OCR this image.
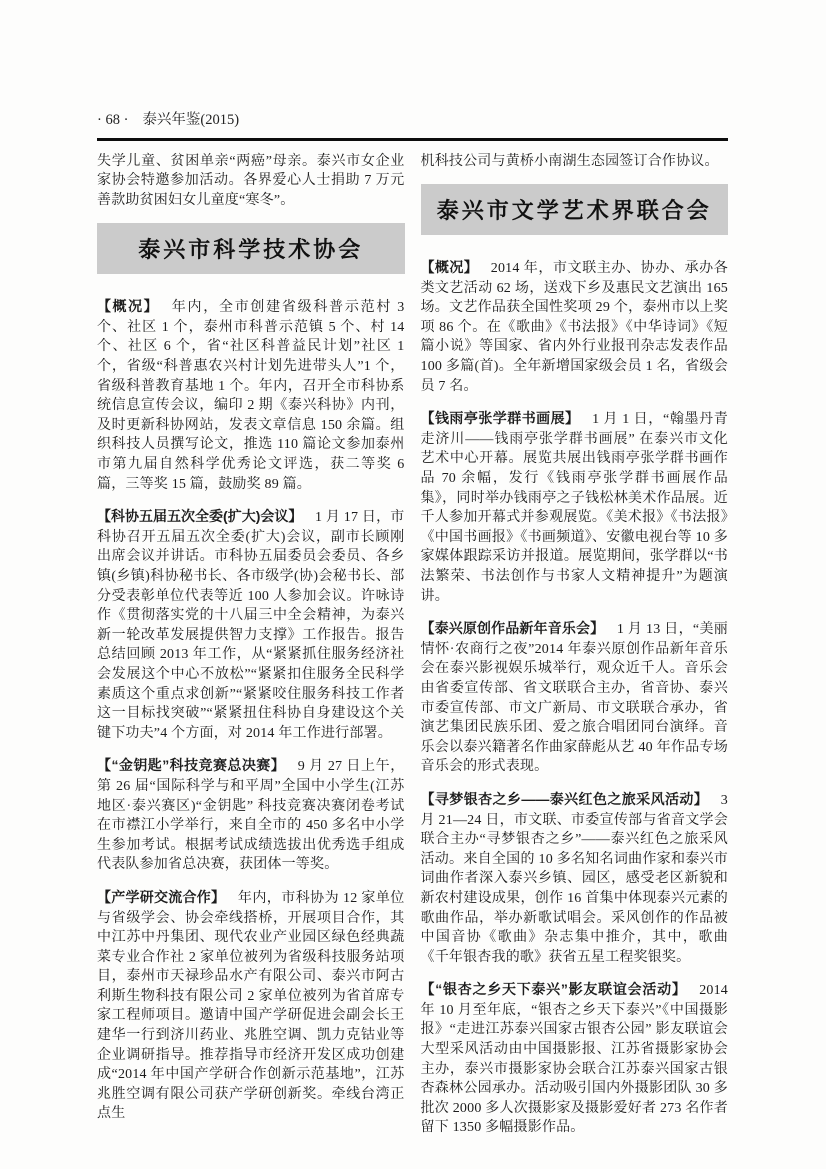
· 68 · 泰兴年鉴(2015)

失学儿童、贫困单亲“两癌”母亲。泰兴市女企业家协会特邀参加活动。各界爱心人士捐助 7 万元善款助贫困妇女儿童度“寒冬”。

泰兴市科学技术协会

【概况】 年内，全市创建省级科普示范村 3 个、社区 1 个，泰州市科普示范镇 5 个、村 14 个、社区 6 个，省“社区科普益民计划”社区 1 个，省级“科普惠农兴村计划先进带头人”1 个，省级科普教育基地 1 个。年内，召开全市科协系统信息宣传会议，编印 2 期《泰兴科协》内刊，及时更新科协网站，发表文章信息 150 余篇。组织科技人员撰写论文，推选 110 篇论文参加泰州市第九届自然科学优秀论文评选，获二等奖 6 篇，三等奖 15 篇，鼓励奖 89 篇。

【科协五届五次全委(扩大)会议】 1 月 17 日，市科协召开五届五次全委(扩大)会议，副市长顾刚出席会议并讲话。市科协五届委员会委员、各乡镇(乡镇)科协秘书长、各市级学(协)会秘书长、部分受表彰单位代表等近 100 人参加会议。许咏诗作《贯彻落实党的十八届三中全会精神，为泰兴新一轮改革发展提供智力支撑》工作报告。报告总结回顾 2013 年工作，从“紧紧抓住服务经济社会发展这个中心不放松”“紧紧扣住服务全民科学素质这个重点求创新”“紧紧咬住服务科技工作者这一目标找突破”“紧紧扭住科协自身建设这个关键下功夫”4 个方面，对 2014 年工作进行部署。

【“金钥匙”科技竞赛总决赛】 9 月 27 日上午，第 26 届“国际科学与和平周”全国中小学生(江苏地区·泰兴赛区)“金钥匙” 科技竞赛决赛闭卷考试在市襟江小学举行，来自全市的 450 多名中小学生参加考试。根据考试成绩选拔出优秀选手组成代表队参加省总决赛，获团体一等奖。

【产学研交流合作】 年内，市科协为 12 家单位与省级学会、协会牵线搭桥，开展项目合作，其中江苏中丹集团、现代农业产业园区绿色经典蔬菜专业合作社 2 家单位被列为省级科技服务站项目，泰州市天禄珍品水产有限公司、泰兴市阿古利斯生物科技有限公司 2 家单位被列为省首席专家工程师项目。邀请中国产学研促进会副会长王建华一行到济川药业、兆胜空调、凯力克钴业等企业调研指导。推荐指导市经济开发区成功创建成“2014 年中国产学研合作创新示范基地”，江苏兆胜空调有限公司获产学研创新奖。牵线台湾正点生

机科技公司与黄桥小南湖生态园签订合作协议。

泰兴市文学艺术界联合会

【概况】 2014 年，市文联主办、协办、承办各类文艺活动 62 场，送戏下乡及惠民文艺演出 165 场。文艺作品获全国性奖项 29 个，泰州市以上奖项 86 个。在《歌曲》《书法报》《中华诗词》《短篇小说》等国家、省内外行业报刊杂志发表作品 100 多篇(首)。全年新增国家级会员 1 名，省级会员 7 名。

【钱雨亭张学群书画展】 1 月 1 日，“翰墨丹青走济川——钱雨亭张学群书画展” 在泰兴市文化艺术中心开幕。展览共展出钱雨亭张学群书画作品 70 余幅，发行《钱雨亭张学群书画展作品集》，同时举办钱雨亭之子钱松林美术作品展。近千人参加开幕式并参观展览。《美术报》《书法报》《中国书画报》《书画频道》、安徽电视台等 10 多家媒体跟踪采访并报道。展览期间，张学群以“书法繁荣、书法创作与书家人文精神提升”为题演讲。

【泰兴原创作品新年音乐会】 1 月 13 日，“美丽情怀·农商行之夜”2014 年泰兴原创作品新年音乐会在泰兴影视娱乐城举行，观众近千人。音乐会由省委宣传部、省文联联合主办，省音协、泰兴市委宣传部、市文广新局、市文联联合承办，省演艺集团民族乐团、爱之旅合唱团同台演绎。音乐会以泰兴籍著名作曲家薛彪从艺 40 年作品专场音乐会的形式表现。

【寻梦银杏之乡——泰兴红色之旅采风活动】 3 月 21—24 日，市文联、市委宣传部与省音文学会联合主办“寻梦银杏之乡”——泰兴红色之旅采风活动。来自全国的 10 多名知名词曲作家和泰兴市词曲作者深入泰兴乡镇、园区，感受老区新貌和新农村建设成果，创作 16 首集中体现泰兴元素的歌曲作品，举办新歌试唱会。采风创作的作品被中国音协《歌曲》杂志集中推介，其中，歌曲《千年银杏我的歌》获省五星工程奖银奖。

【“银杏之乡天下泰兴”影友联谊会活动】 2014 年 10 月至年底，“银杏之乡天下泰兴”《中国摄影报》“走进江苏泰兴国家古银杏公园” 影友联谊会大型采风活动由中国摄影报、江苏省摄影家协会主办，泰兴市摄影家协会联合江苏泰兴国家古银杏森林公园承办。活动吸引国内外摄影团队 30 多批次 2000 多人次摄影家及摄影爱好者 273 名作者留下 1350 多幅摄影作品。
